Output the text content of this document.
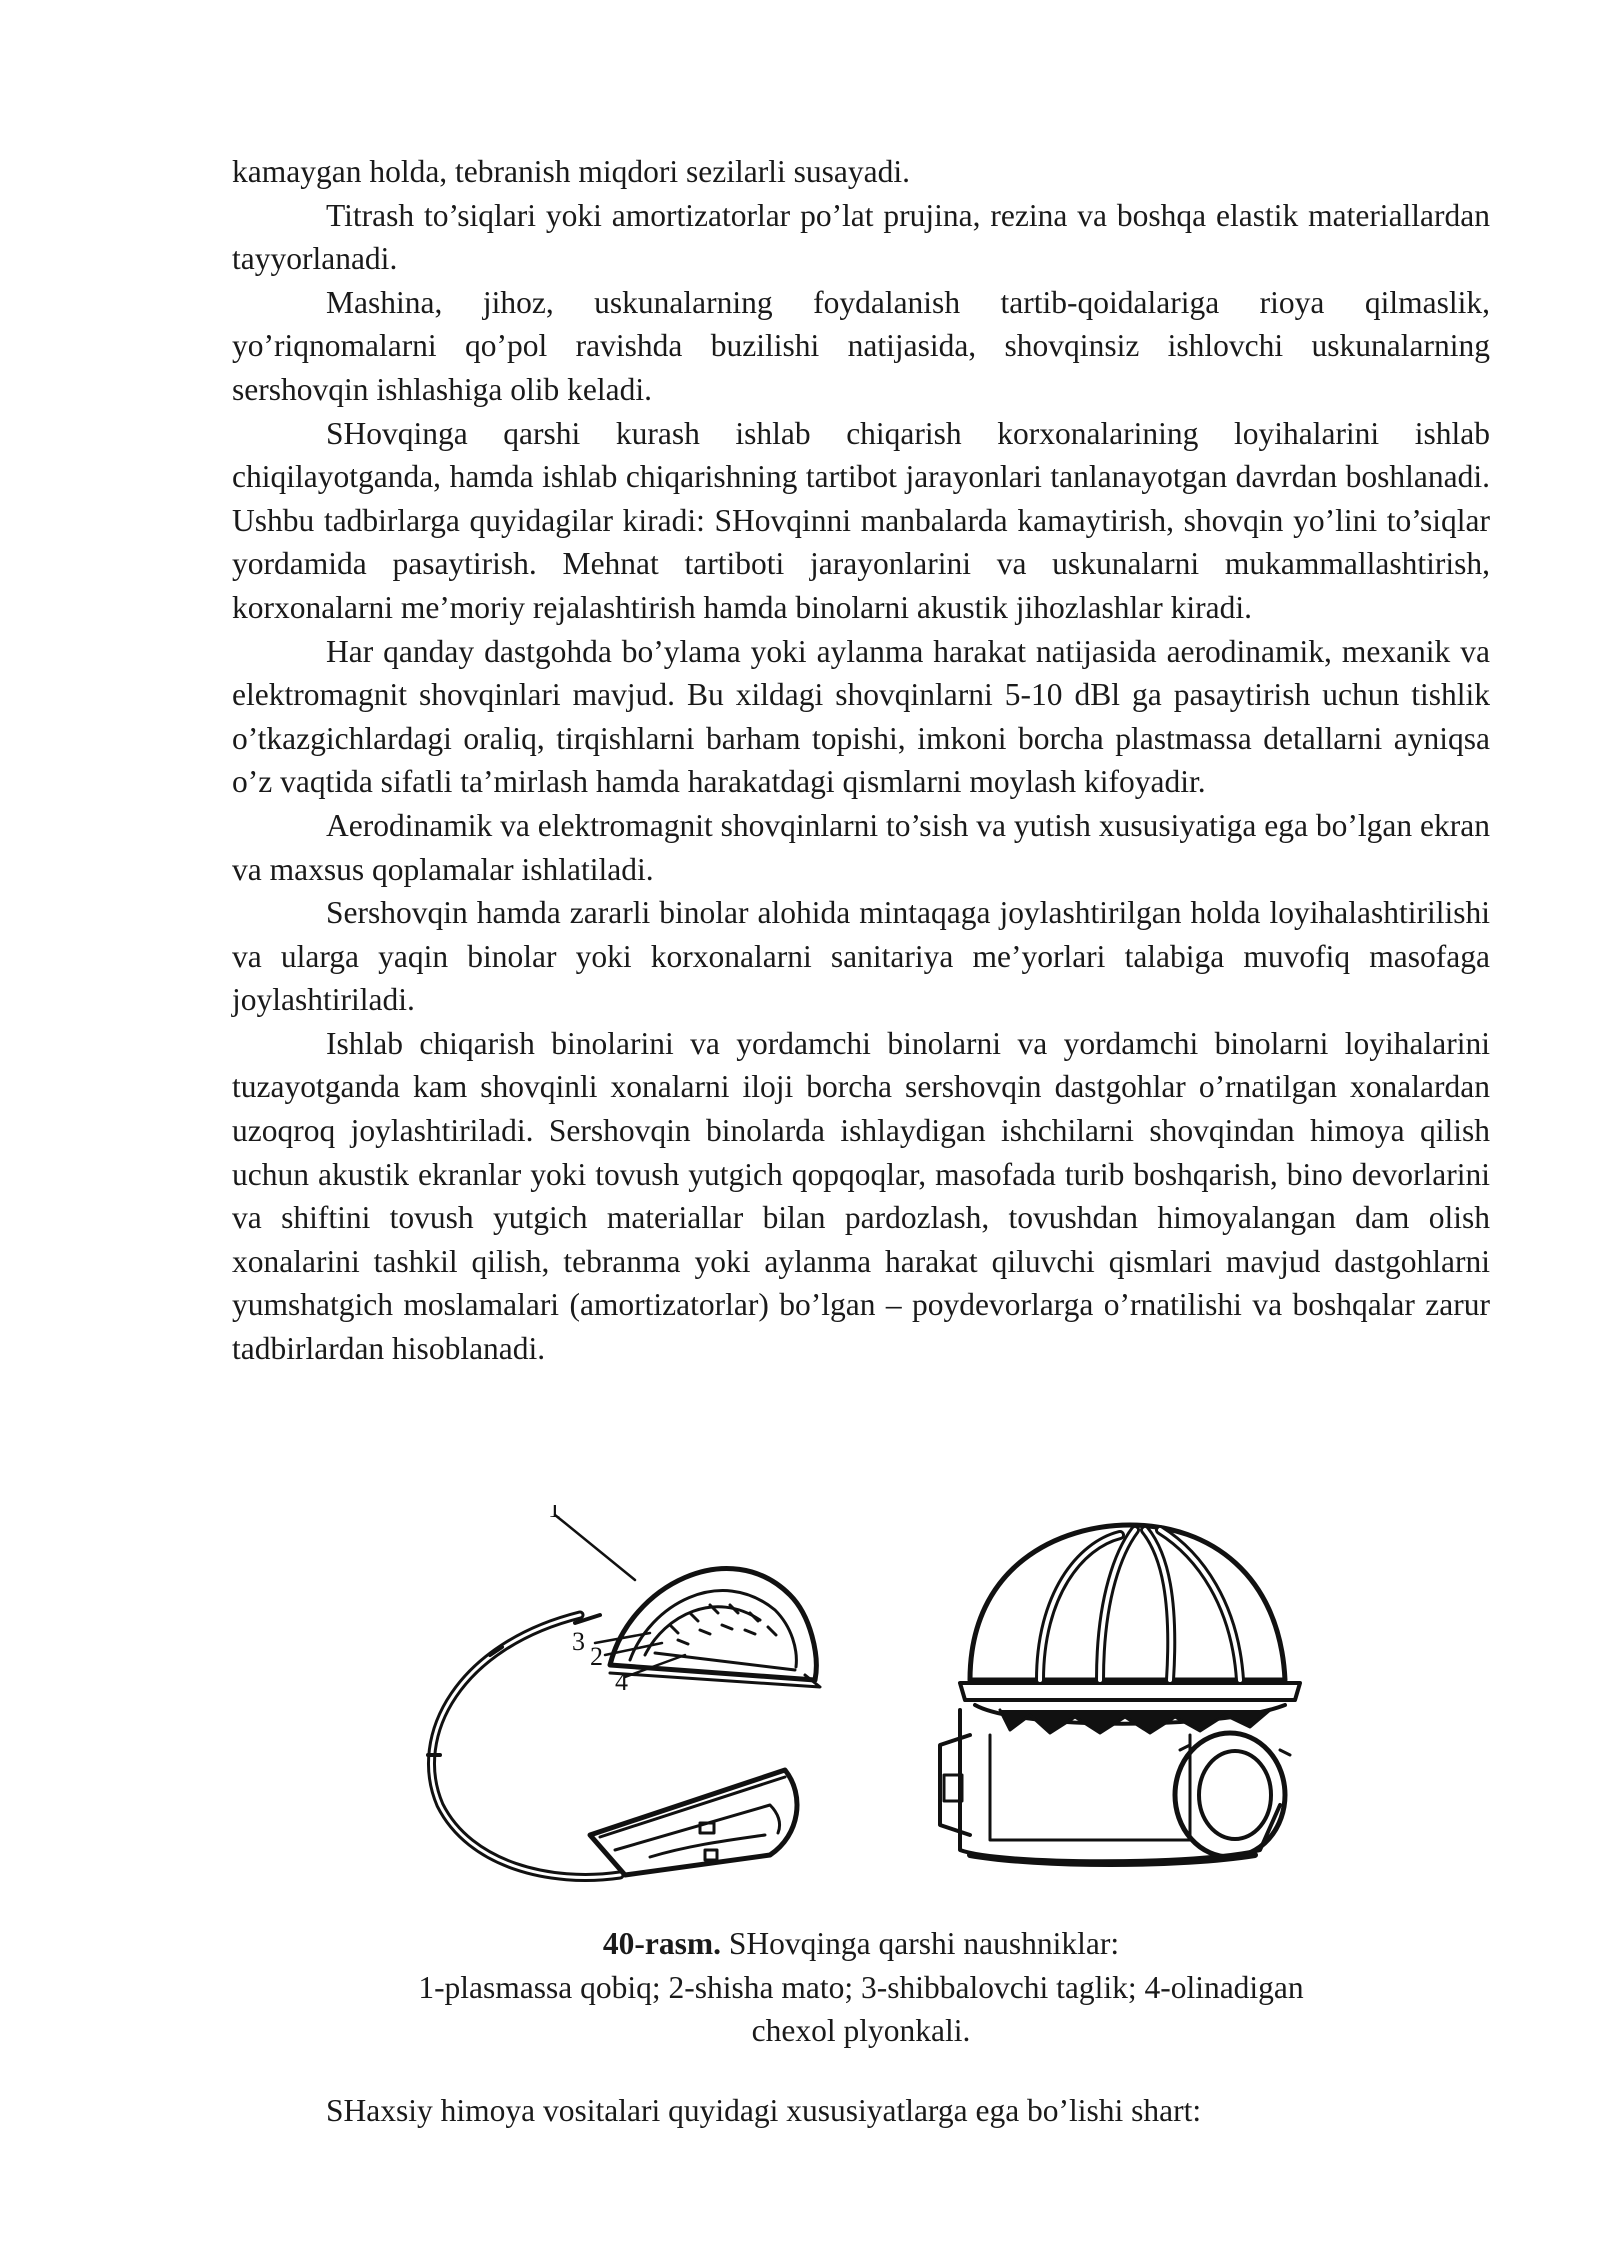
kamaygan holda, tebranish miqdori sezilarli susayadi.

Titrash to’siqlari yoki amortizatorlar po’lat prujina, rezina va boshqa elastik materiallardan tayyorlanadi.

Mashina, jihoz, uskunalarning foydalanish tartib-qoidalariga rioya qilmaslik, yo’riqnomalarni qo’pol ravishda buzilishi natijasida, shovqinsiz ishlovchi uskunalarning sershovqin ishlashiga olib keladi.

SHovqinga qarshi kurash ishlab chiqarish korxonalarining loyihalarini ishlab chiqilayotganda, hamda ishlab chiqarishning tartibot jarayonlari tanlanayotgan davrdan boshlanadi. Ushbu tadbirlarga quyidagilar kiradi: SHovqinni manbalarda kamaytirish, shovqin yo’lini to’siqlar yordamida pasaytirish. Mehnat tartiboti jarayonlarini va uskunalarni mukammallashtirish, korxonalarni me’moriy rejalashtirish hamda binolarni akustik jihozlashlar kiradi.

Har qanday dastgohda bo’ylama yoki aylanma harakat natijasida aerodinamik, mexanik va elektromagnit shovqinlari mavjud. Bu xildagi shovqinlarni 5-10 dBl ga pasaytirish uchun tishlik o’tkazgichlardagi oraliq, tirqishlarni barham topishi, imkoni borcha plastmassa detallarni ayniqsa o’z vaqtida sifatli ta’mirlash hamda harakatdagi qismlarni moylash kifoyadir.

Aerodinamik va elektromagnit shovqinlarni to’sish va yutish xususiyatiga ega bo’lgan ekran va maxsus qoplamalar ishlatiladi.

Sershovqin hamda zararli binolar alohida mintaqaga joylashtirilgan holda loyihalashtirilishi va ularga yaqin binolar yoki korxonalarni sanitariya me’yorlari talabiga muvofiq masofaga joylashtiriladi.

Ishlab chiqarish binolarini va yordamchi binolarni va yordamchi binolarni loyihalarini tuzayotganda kam shovqinli xonalarni iloji borcha sershovqin dastgohlar o’rnatilgan xonalardan uzoqroq joylashtiriladi. Sershovqin binolarda ishlaydigan ishchilarni shovqindan himoya qilish uchun akustik ekranlar yoki tovush yutgich qopqoqlar, masofada turib boshqarish, bino devorlarini va shiftini tovush yutgich materiallar bilan pardozlash, tovushdan himoyalangan dam olish xonalarini tashkil qilish, tebranma yoki aylanma harakat qiluvchi qismlari mavjud dastgohlarni yumshatgich moslamalari (amortizatorlar) bo’lgan – poydevorlarga o’rnatilishi va boshqalar zarur tadbirlardan hisoblanadi.

1
3
2
4
40-rasm. SHovqinga qarshi naushniklar:
1-plasmassa qobiq; 2-shisha mato; 3-shibbalovchi taglik; 4-olinadigan
chexol plyonkali.
SHaxsiy himoya vositalari quyidagi xususiyatlarga ega bo’lishi shart:
